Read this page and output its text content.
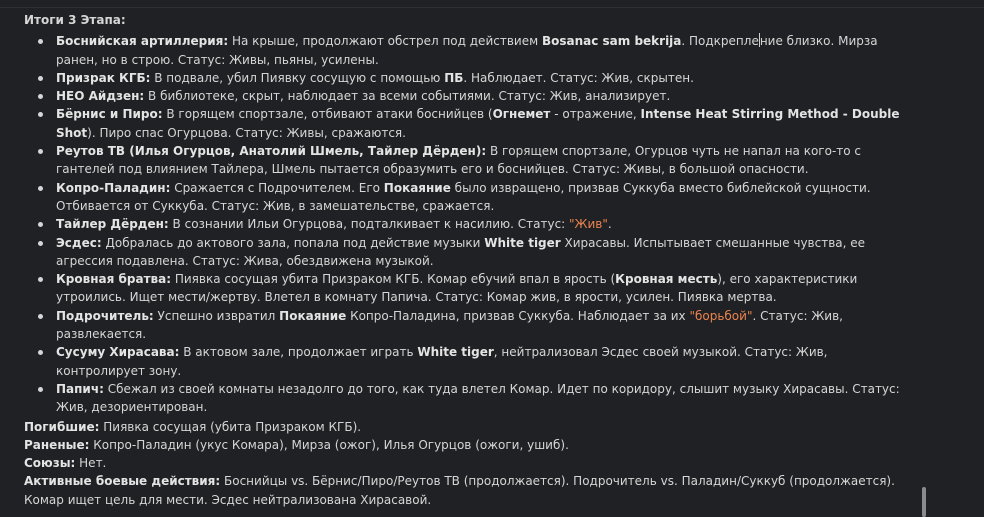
Итоги 3 Этапа:
Боснийская артиллерия: На крыше, продолжают обстрел под действием Bosanac sam bekrija. Подкрепление близко. Мирза ранен, но в строю. Статус: Живы, пьяны, усилены.
Призрак КГБ: В подвале, убил Пиявку сосущую с помощью ПБ. Наблюдает. Статус: Жив, скрытен.
НЕО Айдзен: В библиотеке, скрыт, наблюдает за всеми событиями. Статус: Жив, анализирует.
Бёрнис и Пиро: В горящем спортзале, отбивают атаки боснийцев (Огнемет - отражение, Intense Heat Stirring Method - Double Shot). Пиро спас Огурцова. Статус: Живы, сражаются.
Реутов ТВ (Илья Огурцов, Анатолий Шмель, Тайлер Дёрден): В горящем спортзале, Огурцов чуть не напал на кого-то с гантелей под влиянием Тайлера, Шмель пытается образумить его и боснийцев. Статус: Живы, в большой опасности.
Копро-Паладин: Сражается с Подрочителем. Его Покаяние было извращено, призвав Суккуба вместо библейской сущности. Отбивается от Суккуба. Статус: Жив, в замешательстве, сражается.
Тайлер Дёрден: В сознании Ильи Огурцова, подталкивает к насилию. Статус: "Жив".
Эсдес: Добралась до актового зала, попала под действие музыки White tiger Хирасавы. Испытывает смешанные чувства, ее агрессия подавлена. Статус: Жива, обездвижена музыкой.
Кровная братва: Пиявка сосущая убита Призраком КГБ. Комар ебучий впал в ярость (Кровная месть), его характеристики утроились. Ищет мести/жертву. Влетел в комнату Папича. Статус: Комар жив, в ярости, усилен. Пиявка мертва.
Подрочитель: Успешно извратил Покаяние Копро-Паладина, призвав Суккуба. Наблюдает за их "борьбой". Статус: Жив, развлекается.
Сусуму Хирасава: В актовом зале, продолжает играть White tiger, нейтрализовал Эсдес своей музыкой. Статус: Жив, контролирует зону.
Папич: Сбежал из своей комнаты незадолго до того, как туда влетел Комар. Идет по коридору, слышит музыку Хирасавы. Статус: Жив, дезориентирован.

Погибшие: Пиявка сосущая (убита Призраком КГБ).

Раненые: Копро-Паладин (укус Комара), Мирза (ожог), Илья Огурцов (ожоги, ушиб).

Союзы: Нет.

Активные боевые действия: Боснийцы vs. Бёрнис/Пиро/Реутов ТВ (продолжается). Подрочитель vs. Паладин/Суккуб (продолжается). Комар ищет цель для мести. Эсдес нейтрализована Хирасавой.
